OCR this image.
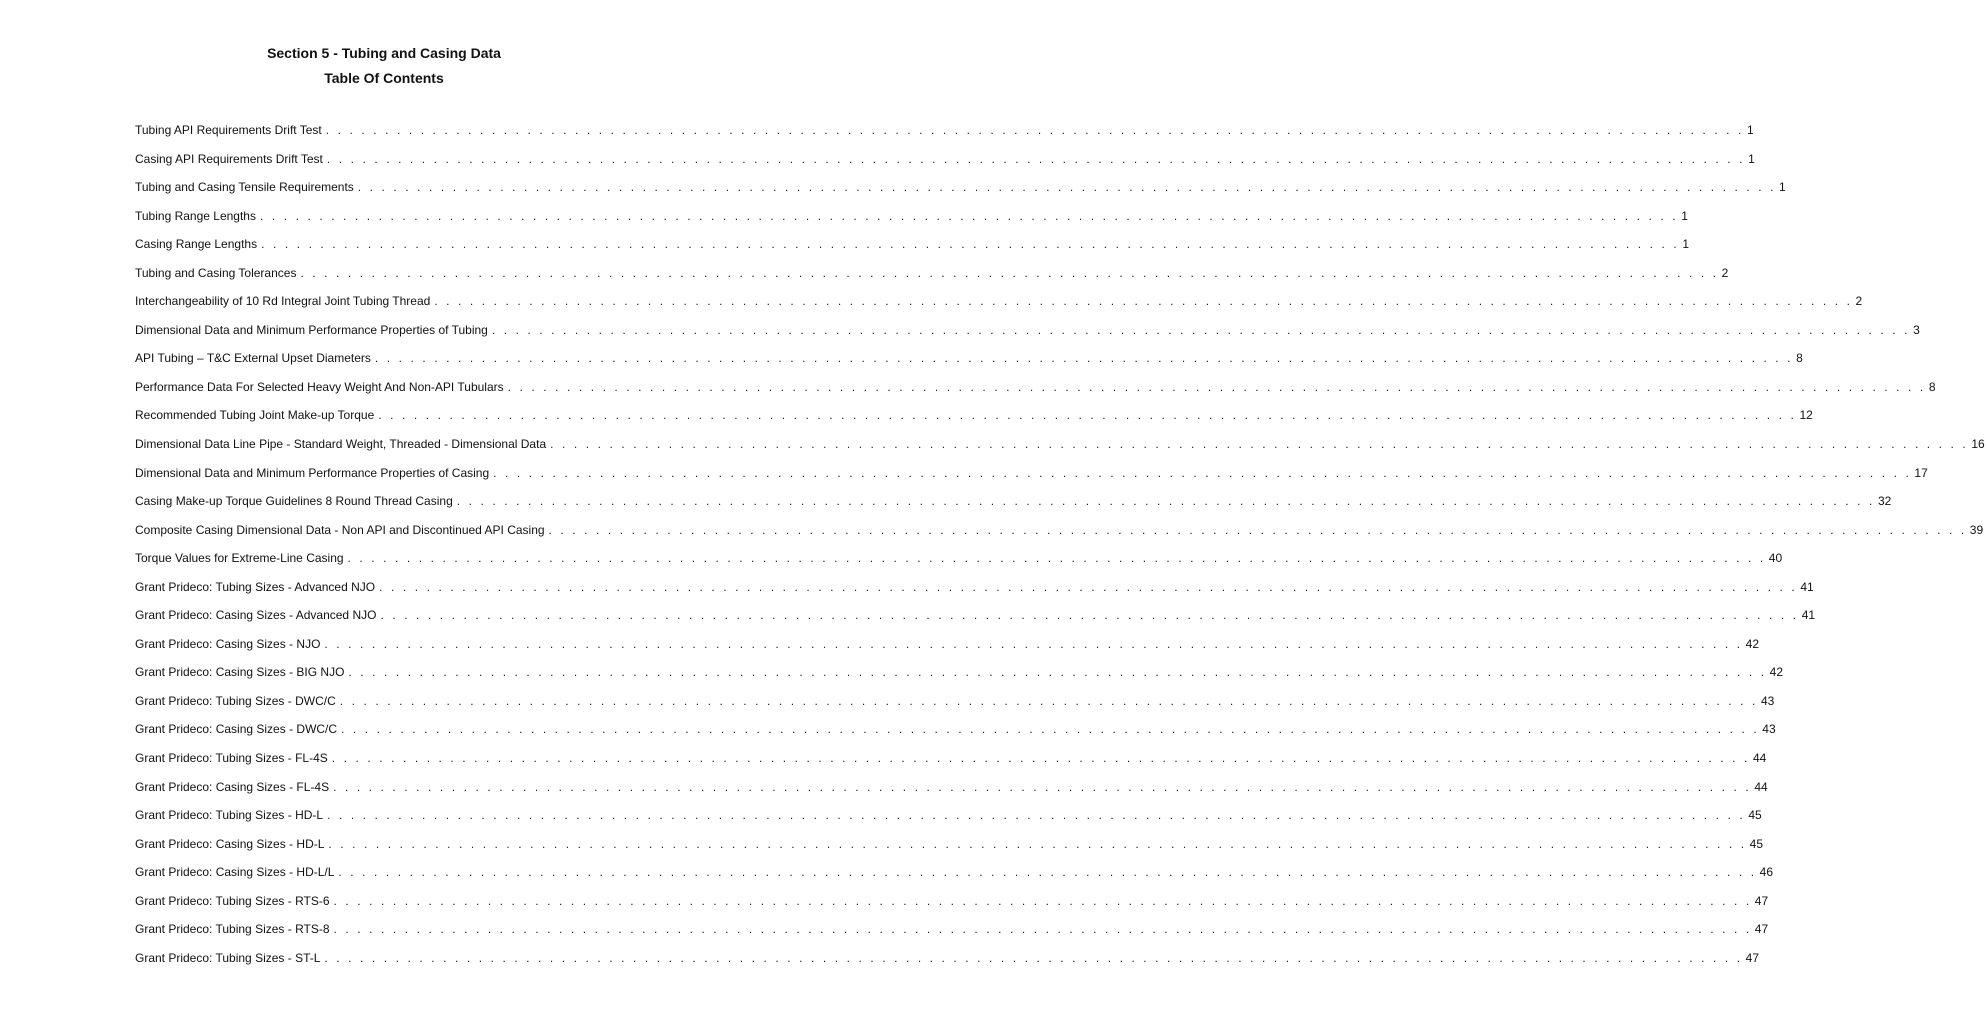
Section 5 - Tubing and Casing Data
Table Of Contents
Tubing API Requirements Drift Test . . . . . . . . . . . . . . . . . . . . . . . . . . . . . . . . . . . . . . . . . . . . . . . . . . . . . . . . . . . . . . . . . . . . . . . . . . . . . . . . . . . . . . . . . . . . . . . . . . . . . . . . . . . . . . . . . . . . . . . . 1
Casing API Requirements Drift Test . . . . . . . . . . . . . . . . . . . . . . . . . . . . . . . . . . . . . . . . . . . . . . . . . . . . . . . . . . . . . . . . . . . . . . . . . . . . . . . . . . . . . . . . . . . . . . . . . . . . . . . . . . . . . . . . . . . . . . . . 1
Tubing and Casing Tensile Requirements . . . . . . . . . . . . . . . . . . . . . . . . . . . . . . . . . . . . . . . . . . . . . . . . . . . . . . . . . . . . . . . . . . . . . . . . . . . . . . . . . . . . . . . . . . . . . . . . . . . . . . . . . . . . . . . . . . . . . . . . 1
Tubing Range Lengths . . . . . . . . . . . . . . . . . . . . . . . . . . . . . . . . . . . . . . . . . . . . . . . . . . . . . . . . . . . . . . . . . . . . . . . . . . . . . . . . . . . . . . . . . . . . . . . . . . . . . . . . . . . . . . . . . . . . . . . . 1
Casing Range Lengths . . . . . . . . . . . . . . . . . . . . . . . . . . . . . . . . . . . . . . . . . . . . . . . . . . . . . . . . . . . . . . . . . . . . . . . . . . . . . . . . . . . . . . . . . . . . . . . . . . . . . . . . . . . . . . . . . . . . . . . . 1
Tubing and Casing Tolerances . . . . . . . . . . . . . . . . . . . . . . . . . . . . . . . . . . . . . . . . . . . . . . . . . . . . . . . . . . . . . . . . . . . . . . . . . . . . . . . . . . . . . . . . . . . . . . . . . . . . . . . . . . . . . . . . . . . . . . . . 2
Interchangeability of 10 Rd Integral Joint Tubing Thread . . . . . . . . . . . . . . . . . . . . . . . . . . . . . . . . . . . . . . . . . . . . . . . . . . . . . . . . . . . . . . . . . . . . . . . . . . . . . . . . . . . . . . . . . . . . . . . . . . . . . . . . . . . . . . . . . . . . . . . . 2
Dimensional Data and Minimum Performance Properties of Tubing . . . . . . . . . . . . . . . . . . . . . . . . . . . . . . . . . . . . . . . . . . . . . . . . . . . . . . . . . . . . . . . . . . . . . . . . . . . . . . . . . . . . . . . . . . . . . . . . . . . . . . . . . . . . . . . . . . . . . . . . 3
API Tubing – T&C External Upset Diameters . . . . . . . . . . . . . . . . . . . . . . . . . . . . . . . . . . . . . . . . . . . . . . . . . . . . . . . . . . . . . . . . . . . . . . . . . . . . . . . . . . . . . . . . . . . . . . . . . . . . . . . . . . . . . . . . . . . . . . . . 8
Performance Data For Selected Heavy Weight And Non-API Tubulars . . . . . . . . . . . . . . . . . . . . . . . . . . . . . . . . . . . . . . . . . . . . . . . . . . . . . . . . . . . . . . . . . . . . . . . . . . . . . . . . . . . . . . . . . . . . . . . . . . . . . . . . . . . . . . . . . . . . . . . . 8
Recommended Tubing Joint Make-up Torque . . . . . . . . . . . . . . . . . . . . . . . . . . . . . . . . . . . . . . . . . . . . . . . . . . . . . . . . . . . . . . . . . . . . . . . . . . . . . . . . . . . . . . . . . . . . . . . . . . . . . . . . . . . . . . . . . . . . . . . . 12
Dimensional Data Line Pipe - Standard Weight, Threaded - Dimensional Data . . . . . . . . . . . . . . . . . . . . . . . . . . . . . . . . . . . . . . . . . . . . . . . . . . . . . . . . . . . . . . . . . . . . . . . . . . . . . . . . . . . . . . . . . . . . . . . . . . . . . . . . . . . . . . . . . . . . . . . . 16
Dimensional Data and Minimum Performance Properties of Casing . . . . . . . . . . . . . . . . . . . . . . . . . . . . . . . . . . . . . . . . . . . . . . . . . . . . . . . . . . . . . . . . . . . . . . . . . . . . . . . . . . . . . . . . . . . . . . . . . . . . . . . . . . . . . . . . . . . . . . . . 17
Casing Make-up Torque Guidelines 8 Round Thread Casing . . . . . . . . . . . . . . . . . . . . . . . . . . . . . . . . . . . . . . . . . . . . . . . . . . . . . . . . . . . . . . . . . . . . . . . . . . . . . . . . . . . . . . . . . . . . . . . . . . . . . . . . . . . . . . . . . . . . . . . . 32
Composite Casing Dimensional Data - Non API and Discontinued API Casing . . . . . . . . . . . . . . . . . . . . . . . . . . . . . . . . . . . . . . . . . . . . . . . . . . . . . . . . . . . . . . . . . . . . . . . . . . . . . . . . . . . . . . . . . . . . . . . . . . . . . . . . . . . . . . . . . . . . . . . . 39
Torque Values for Extreme-Line Casing . . . . . . . . . . . . . . . . . . . . . . . . . . . . . . . . . . . . . . . . . . . . . . . . . . . . . . . . . . . . . . . . . . . . . . . . . . . . . . . . . . . . . . . . . . . . . . . . . . . . . . . . . . . . . . . . . . . . . . . . 40
Grant Prideco: Tubing Sizes - Advanced NJO . . . . . . . . . . . . . . . . . . . . . . . . . . . . . . . . . . . . . . . . . . . . . . . . . . . . . . . . . . . . . . . . . . . . . . . . . . . . . . . . . . . . . . . . . . . . . . . . . . . . . . . . . . . . . . . . . . . . . . . . 41
Grant Prideco: Casing Sizes - Advanced NJO . . . . . . . . . . . . . . . . . . . . . . . . . . . . . . . . . . . . . . . . . . . . . . . . . . . . . . . . . . . . . . . . . . . . . . . . . . . . . . . . . . . . . . . . . . . . . . . . . . . . . . . . . . . . . . . . . . . . . . . . 41
Grant Prideco: Casing Sizes - NJO . . . . . . . . . . . . . . . . . . . . . . . . . . . . . . . . . . . . . . . . . . . . . . . . . . . . . . . . . . . . . . . . . . . . . . . . . . . . . . . . . . . . . . . . . . . . . . . . . . . . . . . . . . . . . . . . . . . . . . . . 42
Grant Prideco: Casing Sizes - BIG NJO . . . . . . . . . . . . . . . . . . . . . . . . . . . . . . . . . . . . . . . . . . . . . . . . . . . . . . . . . . . . . . . . . . . . . . . . . . . . . . . . . . . . . . . . . . . . . . . . . . . . . . . . . . . . . . . . . . . . . . . . 42
Grant Prideco: Tubing Sizes - DWC/C . . . . . . . . . . . . . . . . . . . . . . . . . . . . . . . . . . . . . . . . . . . . . . . . . . . . . . . . . . . . . . . . . . . . . . . . . . . . . . . . . . . . . . . . . . . . . . . . . . . . . . . . . . . . . . . . . . . . . . . . 43
Grant Prideco: Casing Sizes - DWC/C . . . . . . . . . . . . . . . . . . . . . . . . . . . . . . . . . . . . . . . . . . . . . . . . . . . . . . . . . . . . . . . . . . . . . . . . . . . . . . . . . . . . . . . . . . . . . . . . . . . . . . . . . . . . . . . . . . . . . . . . 43
Grant Prideco: Tubing Sizes - FL-4S . . . . . . . . . . . . . . . . . . . . . . . . . . . . . . . . . . . . . . . . . . . . . . . . . . . . . . . . . . . . . . . . . . . . . . . . . . . . . . . . . . . . . . . . . . . . . . . . . . . . . . . . . . . . . . . . . . . . . . . . 44
Grant Prideco: Casing Sizes - FL-4S . . . . . . . . . . . . . . . . . . . . . . . . . . . . . . . . . . . . . . . . . . . . . . . . . . . . . . . . . . . . . . . . . . . . . . . . . . . . . . . . . . . . . . . . . . . . . . . . . . . . . . . . . . . . . . . . . . . . . . . . 44
Grant Prideco: Tubing Sizes - HD-L . . . . . . . . . . . . . . . . . . . . . . . . . . . . . . . . . . . . . . . . . . . . . . . . . . . . . . . . . . . . . . . . . . . . . . . . . . . . . . . . . . . . . . . . . . . . . . . . . . . . . . . . . . . . . . . . . . . . . . . . 45
Grant Prideco: Casing Sizes - HD-L . . . . . . . . . . . . . . . . . . . . . . . . . . . . . . . . . . . . . . . . . . . . . . . . . . . . . . . . . . . . . . . . . . . . . . . . . . . . . . . . . . . . . . . . . . . . . . . . . . . . . . . . . . . . . . . . . . . . . . . . 45
Grant Prideco: Casing Sizes - HD-L/L . . . . . . . . . . . . . . . . . . . . . . . . . . . . . . . . . . . . . . . . . . . . . . . . . . . . . . . . . . . . . . . . . . . . . . . . . . . . . . . . . . . . . . . . . . . . . . . . . . . . . . . . . . . . . . . . . . . . . . . . 46
Grant Prideco: Tubing Sizes - RTS-6 . . . . . . . . . . . . . . . . . . . . . . . . . . . . . . . . . . . . . . . . . . . . . . . . . . . . . . . . . . . . . . . . . . . . . . . . . . . . . . . . . . . . . . . . . . . . . . . . . . . . . . . . . . . . . . . . . . . . . . . . 47
Grant Prideco: Tubing Sizes - RTS-8 . . . . . . . . . . . . . . . . . . . . . . . . . . . . . . . . . . . . . . . . . . . . . . . . . . . . . . . . . . . . . . . . . . . . . . . . . . . . . . . . . . . . . . . . . . . . . . . . . . . . . . . . . . . . . . . . . . . . . . . . 47
Grant Prideco: Tubing Sizes - ST-L . . . . . . . . . . . . . . . . . . . . . . . . . . . . . . . . . . . . . . . . . . . . . . . . . . . . . . . . . . . . . . . . . . . . . . . . . . . . . . . . . . . . . . . . . . . . . . . . . . . . . . . . . . . . . . . . . . . . . . . . 47
